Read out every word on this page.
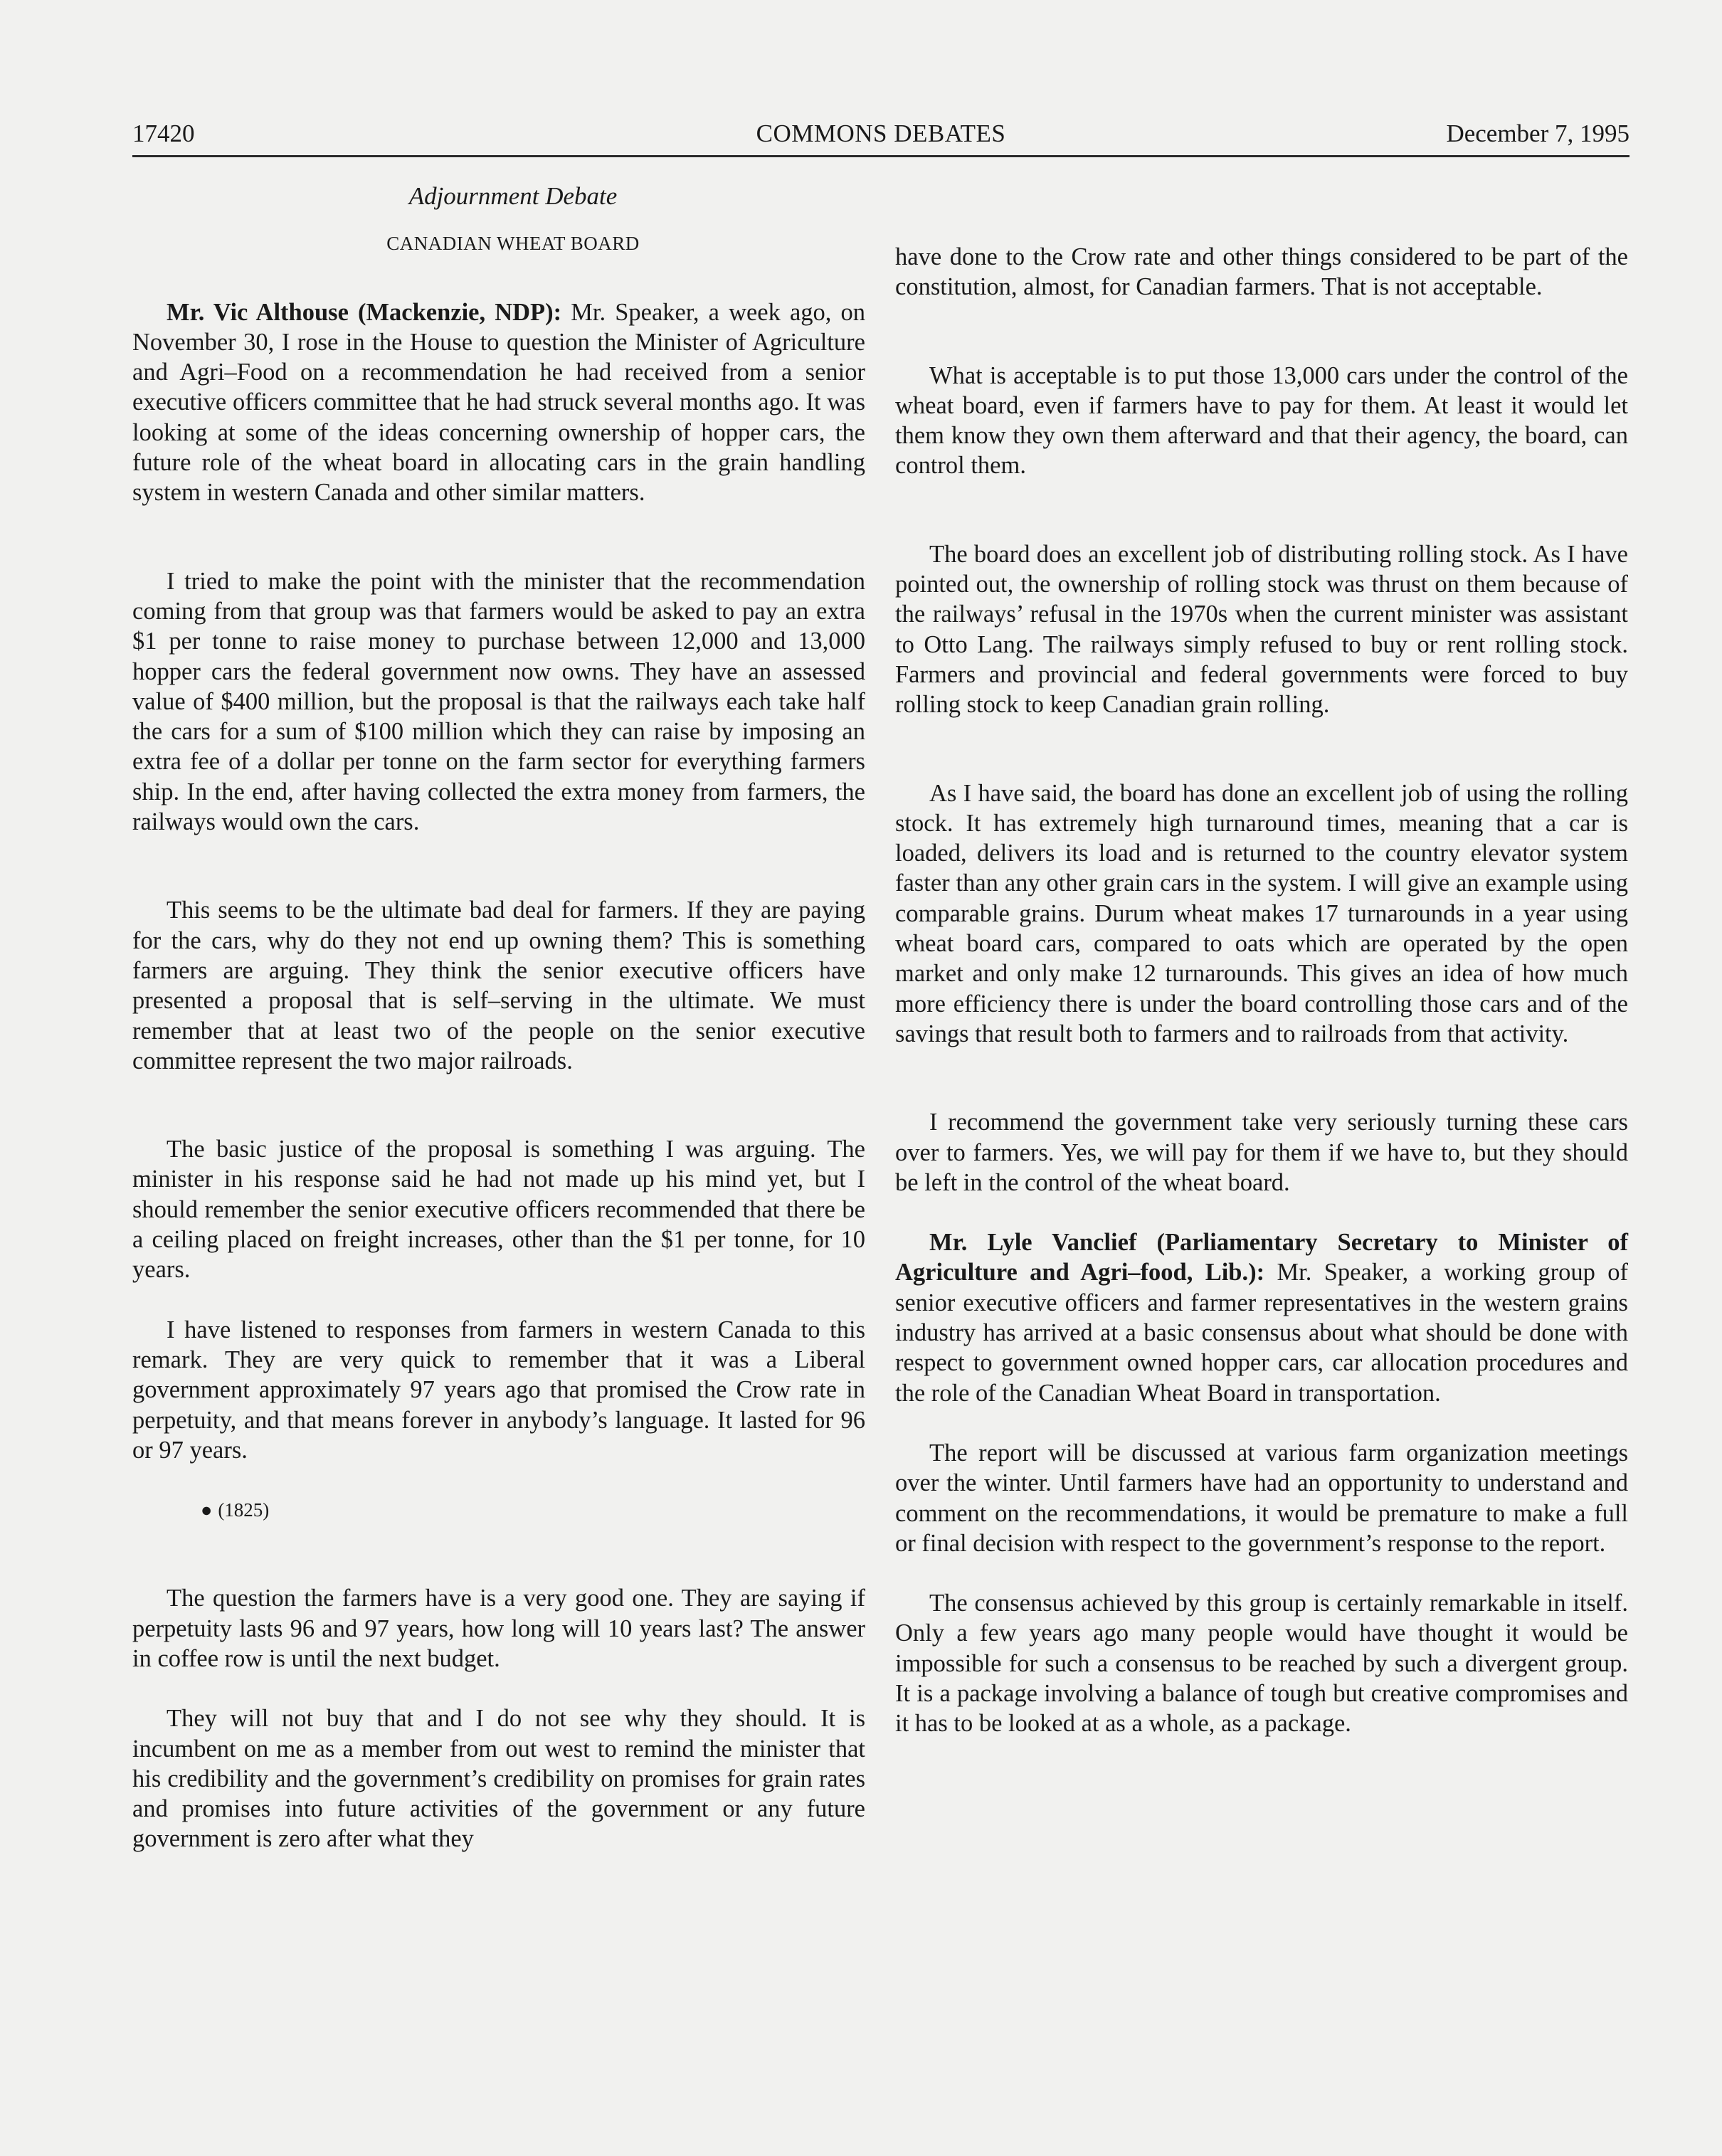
17420	COMMONS DEBATES	December 7, 1995
Adjournment Debate
CANADIAN WHEAT BOARD

Mr. Vic Althouse (Mackenzie, NDP): Mr. Speaker, a week ago, on November 30, I rose in the House to question the Minister of Agriculture and Agri–Food on a recommendation he had received from a senior executive officers committee that he had struck several months ago. It was looking at some of the ideas concerning ownership of hopper cars, the future role of the wheat board in allocating cars in the grain handling system in western Canada and other similar matters.

I tried to make the point with the minister that the recommendation coming from that group was that farmers would be asked to pay an extra $1 per tonne to raise money to purchase between 12,000 and 13,000 hopper cars the federal government now owns. They have an assessed value of $400 million, but the proposal is that the railways each take half the cars for a sum of $100 million which they can raise by imposing an extra fee of a dollar per tonne on the farm sector for everything farmers ship. In the end, after having collected the extra money from farmers, the railways would own the cars.

This seems to be the ultimate bad deal for farmers. If they are paying for the cars, why do they not end up owning them? This is something farmers are arguing. They think the senior executive officers have presented a proposal that is self–serving in the ultimate. We must remember that at least two of the people on the senior executive committee represent the two major railroads.

The basic justice of the proposal is something I was arguing. The minister in his response said he had not made up his mind yet, but I should remember the senior executive officers recommended that there be a ceiling placed on freight increases, other than the $1 per tonne, for 10 years.

I have listened to responses from farmers in western Canada to this remark. They are very quick to remember that it was a Liberal government approximately 97 years ago that promised the Crow rate in perpetuity, and that means forever in anybody’s language. It lasted for 96 or 97 years.

● (1825)

The question the farmers have is a very good one. They are saying if perpetuity lasts 96 and 97 years, how long will 10 years last? The answer in coffee row is until the next budget.

They will not buy that and I do not see why they should. It is incumbent on me as a member from out west to remind the minister that his credibility and the government’s credibility on promises for grain rates and promises into future activities of the government or any future government is zero after what they

have done to the Crow rate and other things considered to be part of the constitution, almost, for Canadian farmers. That is not acceptable.

What is acceptable is to put those 13,000 cars under the control of the wheat board, even if farmers have to pay for them. At least it would let them know they own them afterward and that their agency, the board, can control them.

The board does an excellent job of distributing rolling stock. As I have pointed out, the ownership of rolling stock was thrust on them because of the railways’ refusal in the 1970s when the current minister was assistant to Otto Lang. The railways simply refused to buy or rent rolling stock. Farmers and provincial and federal governments were forced to buy rolling stock to keep Canadian grain rolling.

As I have said, the board has done an excellent job of using the rolling stock. It has extremely high turnaround times, meaning that a car is loaded, delivers its load and is returned to the country elevator system faster than any other grain cars in the system. I will give an example using comparable grains. Durum wheat makes 17 turnarounds in a year using wheat board cars, compared to oats which are operated by the open market and only make 12 turnarounds. This gives an idea of how much more efficiency there is under the board controlling those cars and of the savings that result both to farmers and to railroads from that activity.

I recommend the government take very seriously turning these cars over to farmers. Yes, we will pay for them if we have to, but they should be left in the control of the wheat board.

Mr. Lyle Vanclief (Parliamentary Secretary to Minister of Agriculture and Agri–food, Lib.): Mr. Speaker, a working group of senior executive officers and farmer representatives in the western grains industry has arrived at a basic consensus about what should be done with respect to government owned hopper cars, car allocation procedures and the role of the Canadian Wheat Board in transportation.

The report will be discussed at various farm organization meetings over the winter. Until farmers have had an opportunity to understand and comment on the recommendations, it would be premature to make a full or final decision with respect to the government’s response to the report.

The consensus achieved by this group is certainly remarkable in itself. Only a few years ago many people would have thought it would be impossible for such a consensus to be reached by such a divergent group. It is a package involving a balance of tough but creative compromises and it has to be looked at as a whole, as a package.
